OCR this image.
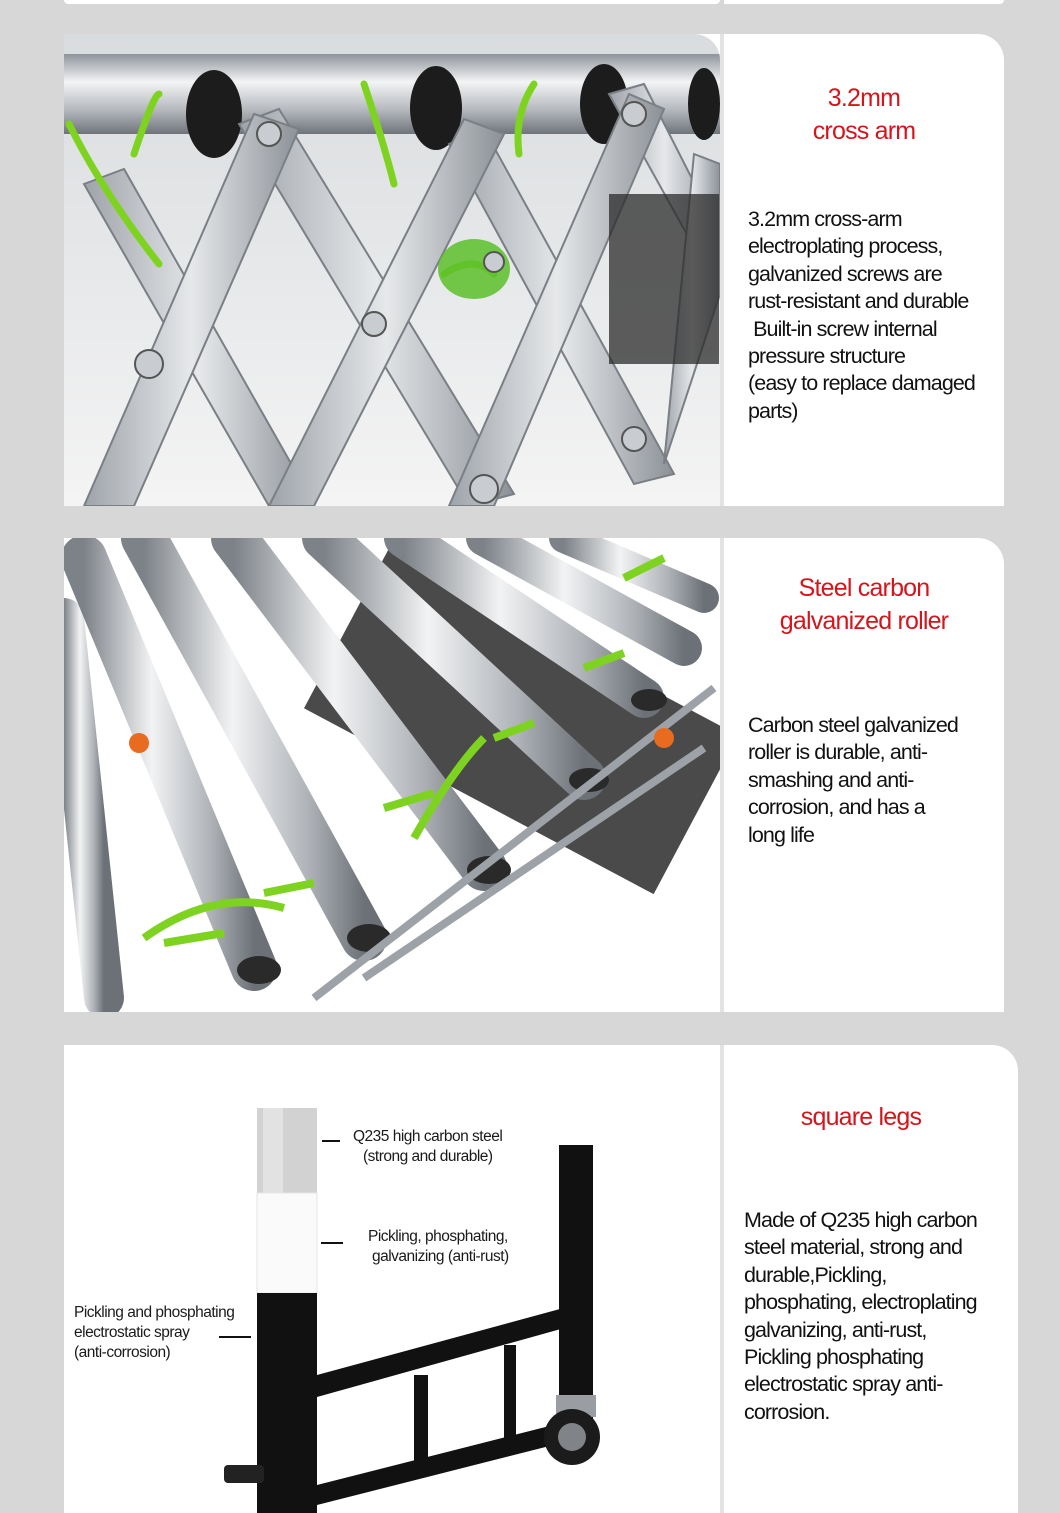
3.2mm
cross arm
3.2mm cross-arm
electroplating process,
galvanized screws are
rust-resistant and durable
Built-in screw internal
pressure structure
(easy to replace damaged
parts)
Steel carbon
galvanized roller
Carbon steel galvanized
roller is durable, anti-
smashing and anti-
corrosion, and has a
long life
Q235 high carbon steel
(strong and durable)
Pickling, phosphating,
galvanizing (anti-rust)
Pickling and phosphating
electrostatic spray
(anti-corrosion)
square legs
Made of Q235 high carbon
steel material, strong and
durable,Pickling,
phosphating, electroplating
galvanizing, anti-rust,
Pickling phosphating
electrostatic spray anti-
corrosion.
